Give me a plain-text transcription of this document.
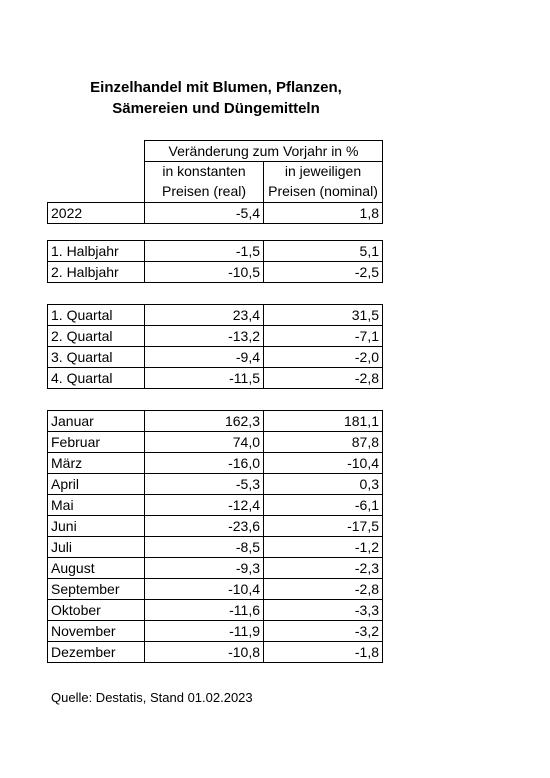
Einzelhandel mit Blumen, Pflanzen,
Sämereien und Düngemitteln
	Veränderung zum Vorjahr in %	
	in konstanten	in jeweiligen
	Preisen (real)	Preisen (nominal)
2022	-5,4	1,8
1. Halbjahr	-1,5	5,1
2. Halbjahr	-10,5	-2,5
1. Quartal	23,4	31,5
2. Quartal	-13,2	-7,1
3. Quartal	-9,4	-2,0
4. Quartal	-11,5	-2,8
Januar	162,3	181,1
Februar	74,0	87,8
März	-16,0	-10,4
April	-5,3	0,3
Mai	-12,4	-6,1
Juni	-23,6	-17,5
Juli	-8,5	-1,2
August	-9,3	-2,3
September	-10,4	-2,8
Oktober	-11,6	-3,3
November	-11,9	-3,2
Dezember	-10,8	-1,8
Quelle: Destatis, Stand 01.02.2023
